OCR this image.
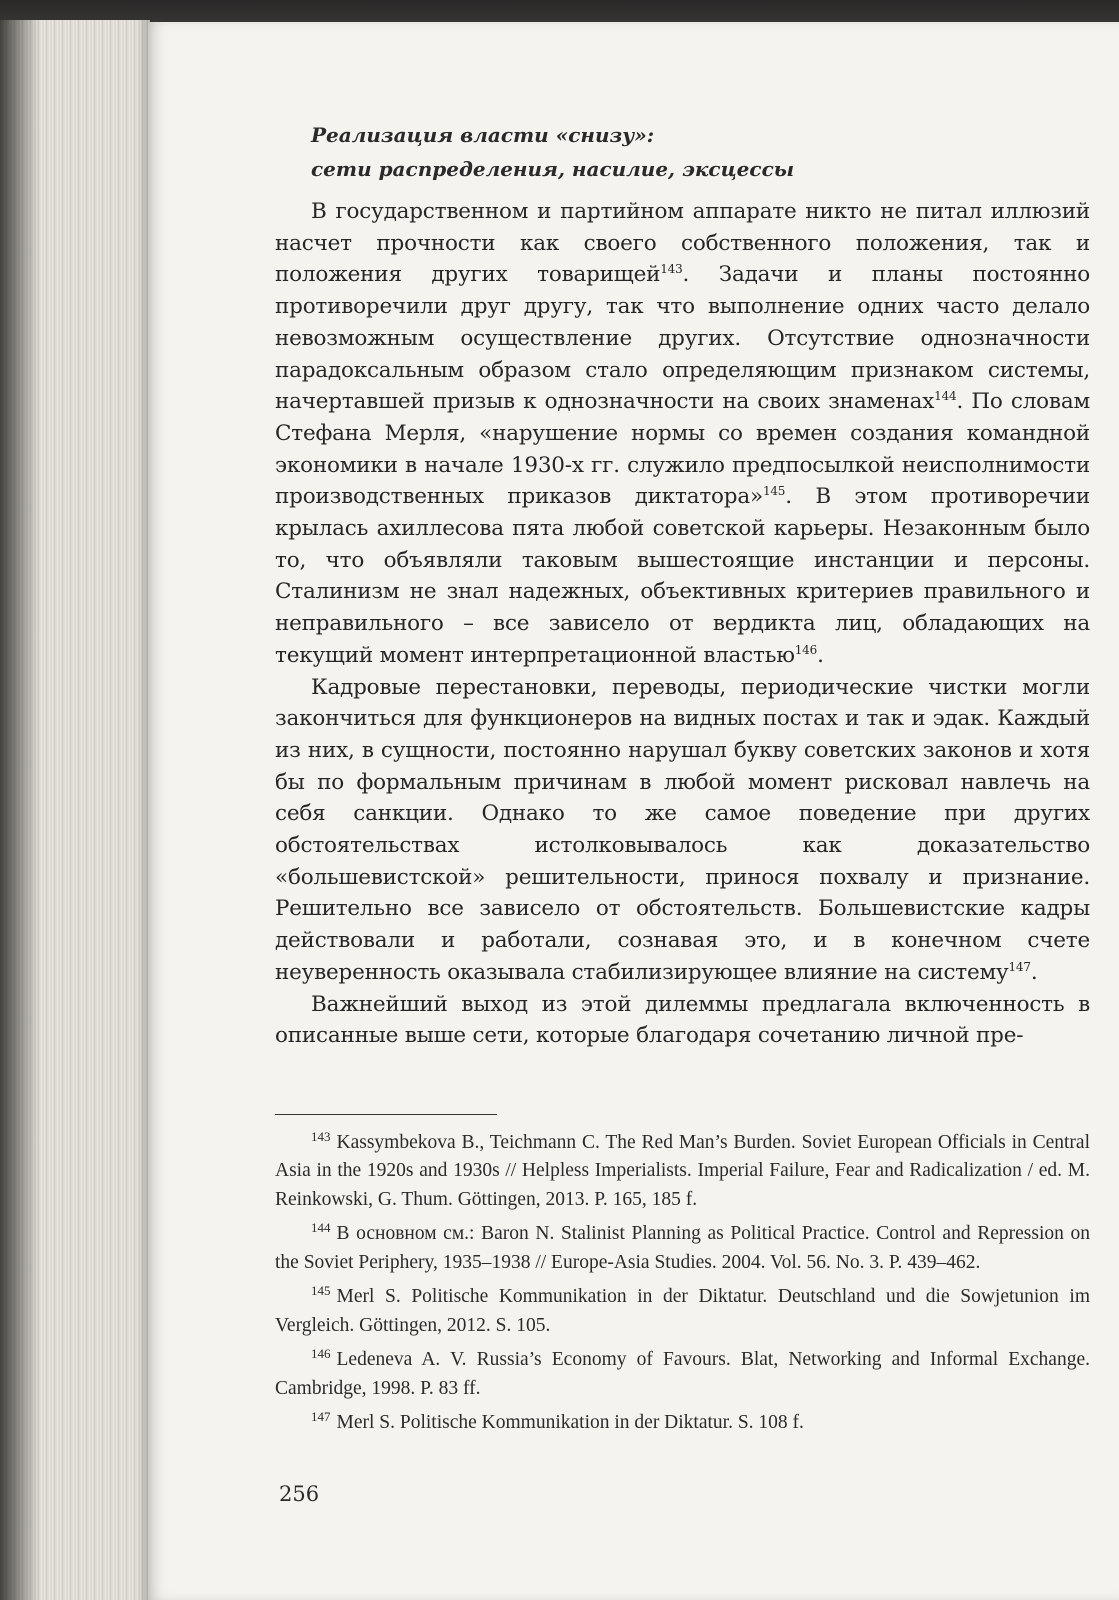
Реализация власти «снизу»:
сети распределения, насилие, эксцессы

В государственном и партийном аппарате никто не питал иллюзий насчет прочности как своего собственного положения, так и положения других товарищей$^{143}$. Задачи и планы постоянно противоречили друг другу, так что выполнение одних часто делало невозможным осуществление других. Отсутствие однозначности парадоксальным образом стало определяющим признаком системы, начертавшей призыв к однозначности на своих знаменах$^{144}$. По словам Стефана Мерля, «нарушение нормы со времен создания командной экономики в начале 1930-х гг. служило предпосылкой неисполнимости производственных приказов диктатора»$^{145}$. В этом противоречии крылась ахиллесова пята любой советской карьеры. Незаконным было то, что объявляли таковым вышестоящие инстанции и персоны. Сталинизм не знал надежных, объективных критериев правильного и неправильного – все зависело от вердикта лиц, обладающих на текущий момент интерпретационной властью$^{146}$.

Кадровые перестановки, переводы, периодические чистки могли закончиться для функционеров на видных постах и так и эдак. Каждый из них, в сущности, постоянно нарушал букву советских законов и хотя бы по формальным причинам в любой момент рисковал навлечь на себя санкции. Однако то же самое поведение при других обстоятельствах истолковывалось как доказательство «большевистской» решительности, принося похвалу и признание. Решительно все зависело от обстоятельств. Большевистские кадры действовали и работали, сознавая это, и в конечном счете неуверенность оказывала стабилизирующее влияние на систему$^{147}$.

Важнейший выход из этой дилеммы предлагала включенность в описанные выше сети, которые благодаря сочетанию личной пре-

$^{143}$ Kassymbekova B., Teichmann C. The Red Man’s Burden. Soviet European Officials in Central Asia in the 1920s and 1930s // Helpless Imperialists. Imperial Failure, Fear and Radicalization / ed. M. Reinkowski, G. Thum. Göttingen, 2013. P. 165, 185 f.

$^{144}$ В основном см.: Baron N. Stalinist Planning as Political Practice. Control and Repression on the Soviet Periphery, 1935–1938 // Europe-Asia Studies. 2004. Vol. 56. No. 3. P. 439–462.

$^{145}$ Merl S. Politische Kommunikation in der Diktatur. Deutschland und die Sowjetunion im Vergleich. Göttingen, 2012. S. 105.

$^{146}$ Ledeneva A. V. Russia’s Economy of Favours. Blat, Networking and Informal Exchange. Cambridge, 1998. P. 83 ff.

$^{147}$ Merl S. Politische Kommunikation in der Diktatur. S. 108 f.

256
